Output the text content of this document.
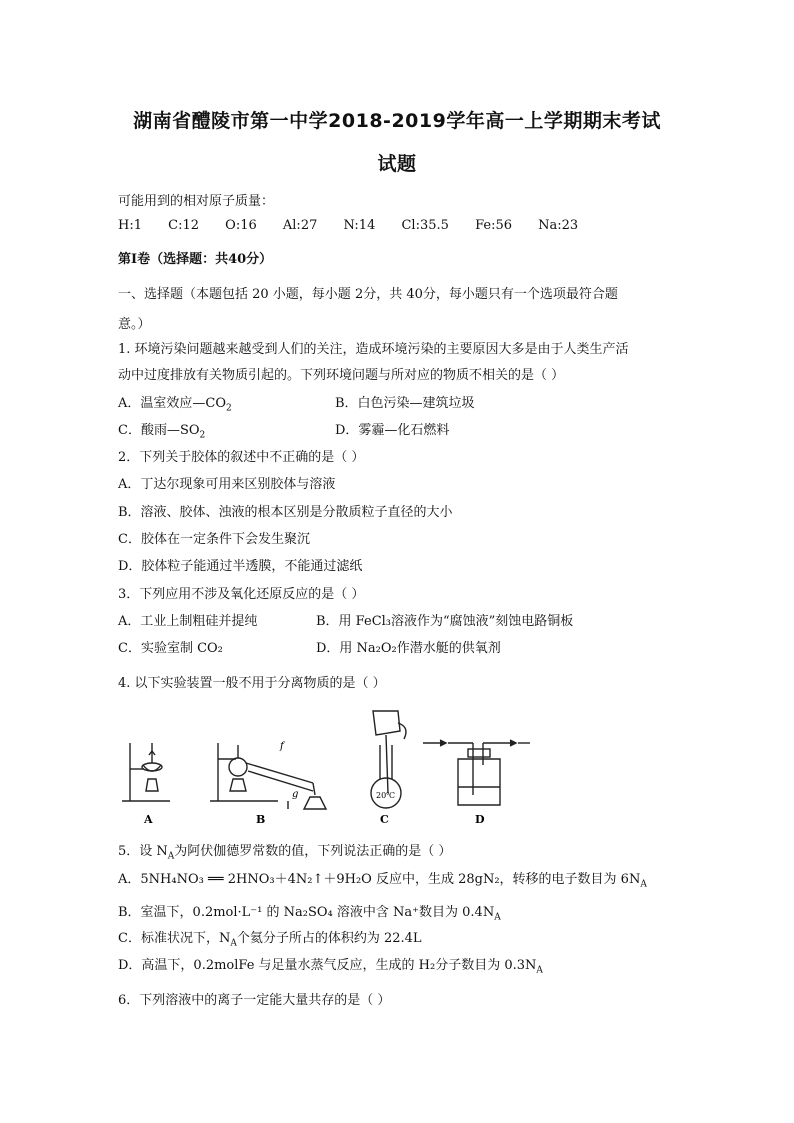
湖南省醴陵市第一中学2018-2019学年高一上学期期末考试
试题
可能用到的相对原子质量：
H:1 C:12 O:16 Al:27 N:14 Cl:35.5 Fe:56 Na:23
第Ⅰ卷（选择题：共40分）
一、选择题（本题包括 20 小题，每小题 2分，共 40分，每小题只有一个选项最符合题
意。）
1. 环境污染问题越来越受到人们的关注，造成环境污染的主要原因大多是由于人类生产活
动中过度排放有关物质引起的。下列环境问题与所对应的物质不相关的是（ ）
A．温室效应$—CO_2$	B．白色污染—建筑垃圾
C．酸雨$—SO_2$	D．雾霾—化石燃料
2．下列关于胶体的叙述中不正确的是（ ）
A．丁达尔现象可用来区别胶体与溶液
B．溶液、胶体、浊液的根本区别是分散质粒子直径的大小
C．胶体在一定条件下会发生聚沉
D．胶体粒子能通过半透膜，不能通过滤纸
3．下列应用不涉及氧化还原反应的是（ ）
A．工业上制粗硅并提纯	B．用 FeCl₃溶液作为“腐蚀液”刻蚀电路铜板
C．实验室制 CO₂	D．用 Na₂O₂作潜水艇的供氧剂
4. 以下实验装置一般不用于分离物质的是（ ）
A
f
g
B
20℃
C	D
5．设 $N_A$为阿伏伽德罗常数的值，下列说法正确的是（ ）
A．5NH₄NO₃ ══ 2HNO₃＋4N₂↑＋9H₂O 反应中，生成 28gN₂，转移的电子数目为 $6N_A$
B．室温下，0.2mol·L⁻¹ 的 Na₂SO₄ 溶液中含 Na⁺数目为 $0.4N_A$
C．标准状况下，$N_A$个氦分子所占的体积约为 22.4L
D．高温下，0.2molFe 与足量水蒸气反应，生成的 H₂分子数目为 $0.3N_A$
6．下列溶液中的离子一定能大量共存的是（ ）
